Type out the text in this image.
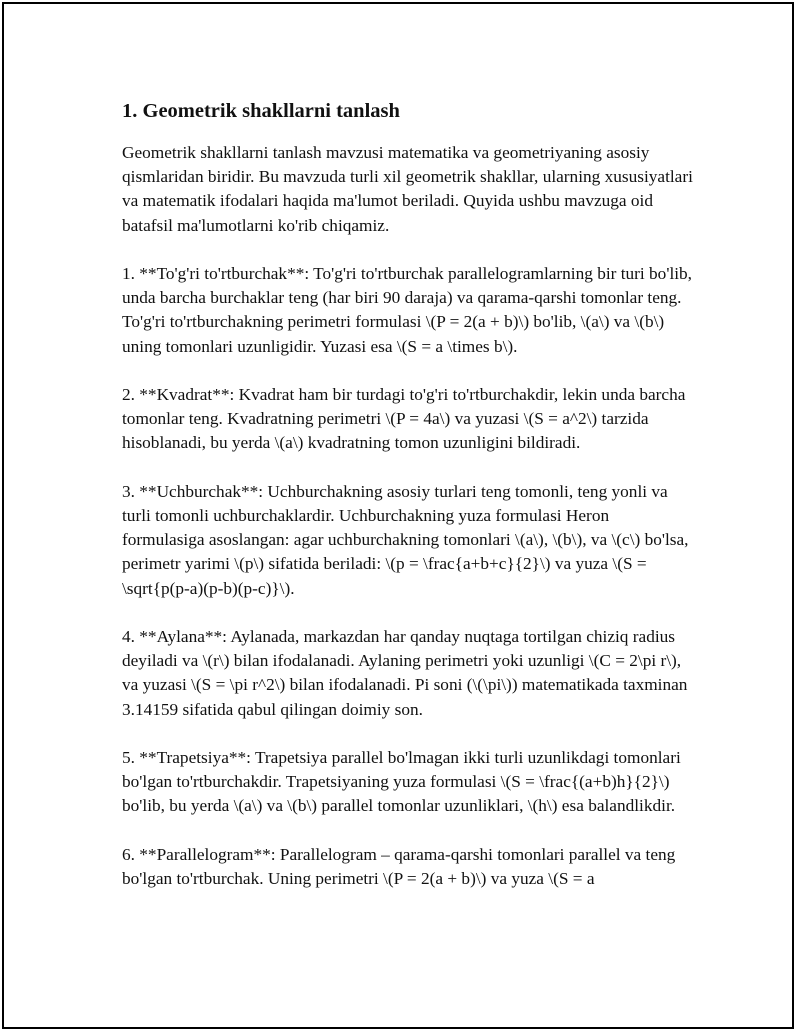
1. Geometrik shakllarni tanlash

Geometrik shakllarni tanlash mavzusi matematika va geometriyaning asosiy qismlaridan biridir. Bu mavzuda turli xil geometrik shakllar, ularning xususiyatlari va matematik ifodalari haqida ma'lumot beriladi. Quyida ushbu mavzuga oid batafsil ma'lumotlarni ko'rib chiqamiz.

1. **To'g'ri to'rtburchak**: To'g'ri to'rtburchak parallelogramlarning bir turi bo'lib, unda barcha burchaklar teng (har biri 90 daraja) va qarama-qarshi tomonlar teng. To'g'ri to'rtburchakning perimetri formulasi \(P = 2(a + b)\) bo'lib, \(a\) va \(b\) uning tomonlari uzunligidir. Yuzasi esa \(S = a \times b\).

2. **Kvadrat**: Kvadrat ham bir turdagi to'g'ri to'rtburchakdir, lekin unda barcha tomonlar teng. Kvadratning perimetri \(P = 4a\) va yuzasi \(S = a^2\) tarzida hisoblanadi, bu yerda \(a\) kvadratning tomon uzunligini bildiradi.

3. **Uchburchak**: Uchburchakning asosiy turlari teng tomonli, teng yonli va turli tomonli uchburchaklardir. Uchburchakning yuza formulasi Heron formulasiga asoslangan: agar uchburchakning tomonlari \(a\), \(b\), va \(c\) bo'lsa, perimetr yarimi \(p\) sifatida beriladi: \(p = \frac{a+b+c}{2}\) va yuza \(S = \sqrt{p(p-a)(p-b)(p-c)}\).

4. **Aylana**: Aylanada, markazdan har qanday nuqtaga tortilgan chiziq radius deyiladi va \(r\) bilan ifodalanadi. Aylaning perimetri yoki uzunligi \(C = 2\pi r\), va yuzasi \(S = \pi r^2\) bilan ifodalanadi. Pi soni (\(\pi\)) matematikada taxminan 3.14159 sifatida qabul qilingan doimiy son.

5. **Trapetsiya**: Trapetsiya parallel bo'lmagan ikki turli uzunlikdagi tomonlari bo'lgan to'rtburchakdir. Trapetsiyaning yuza formulasi \(S = \frac{(a+b)h}{2}\) bo'lib, bu yerda \(a\) va \(b\) parallel tomonlar uzunliklari, \(h\) esa balandlikdir.

6. **Parallelogram**: Parallelogram – qarama-qarshi tomonlari parallel va teng bo'lgan to'rtburchak. Uning perimetri \(P = 2(a + b)\) va yuza \(S = a
